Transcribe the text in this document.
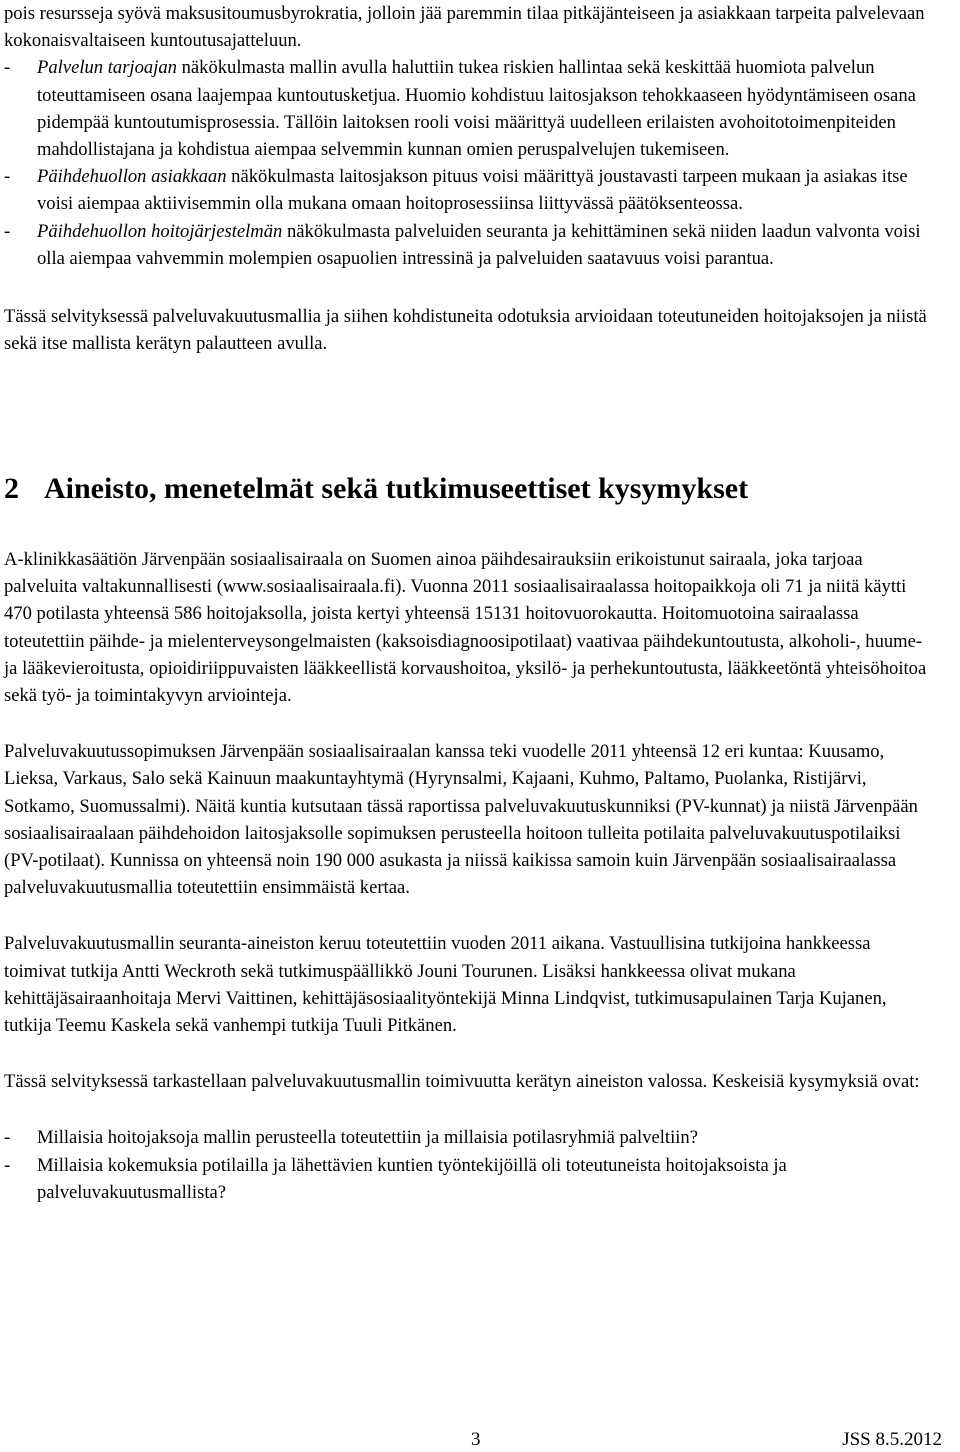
pois resursseja syövä maksusitoumusbyrokratia, jolloin jää paremmin tilaa pitkäjänteiseen ja asiakkaan tarpeita palvelevaan kokonaisvaltaiseen kuntoutusajatteluun.

- Palvelun tarjoajan näkökulmasta mallin avulla haluttiin tukea riskien hallintaa sekä keskittää huomiota palvelun toteuttamiseen osana laajempaa kuntoutusketjua. Huomio kohdistuu laitosjakson tehokkaaseen hyödyntämiseen osana pidempää kuntoutumisprosessia. Tällöin laitoksen rooli voisi määrittyä uudelleen erilaisten avohoitotoimenpiteiden mahdollistajana ja kohdistua aiempaa selvemmin kunnan omien peruspalvelujen tukemiseen.

- Päihdehuollon asiakkaan näkökulmasta laitosjakson pituus voisi määrittyä joustavasti tarpeen mukaan ja asiakas itse voisi aiempaa aktiivisemmin olla mukana omaan hoitoprosessiinsa liittyvässä päätöksenteossa.

- Päihdehuollon hoitojärjestelmän näkökulmasta palveluiden seuranta ja kehittäminen sekä niiden laadun valvonta voisi olla aiempaa vahvemmin molempien osapuolien intressinä ja palveluiden saatavuus voisi parantua.

Tässä selvityksessä palveluvakuutusmallia ja siihen kohdistuneita odotuksia arvioidaan toteutuneiden hoitojaksojen ja niistä sekä itse mallista kerätyn palautteen avulla.

2 Aineisto, menetelmät sekä tutkimuseettiset kysymykset

A-klinikkasäätiön Järvenpään sosiaalisairaala on Suomen ainoa päihdesairauksiin erikoistunut sairaala, joka tarjoaa palveluita valtakunnallisesti (www.sosiaalisairaala.fi). Vuonna 2011 sosiaalisairaalassa hoitopaikkoja oli 71 ja niitä käytti 470 potilasta yhteensä 586 hoitojaksolla, joista kertyi yhteensä 15131 hoitovuorokautta. Hoitomuotoina sairaalassa toteutettiin päihde- ja mielenterveysongelmaisten (kaksoisdiagnoosipotilaat) vaativaa päihdekuntoutusta, alkoholi-, huume- ja lääkevieroitusta, opioidiriippuvaisten lääkkeellistä korvaushoitoa, yksilö- ja perhekuntoutusta, lääkkeetöntä yhteisöhoitoa sekä työ- ja toimintakyvyn arviointeja.

Palveluvakuutussopimuksen Järvenpään sosiaalisairaalan kanssa teki vuodelle 2011 yhteensä 12 eri kuntaa: Kuusamo, Lieksa, Varkaus, Salo sekä Kainuun maakuntayhtymä (Hyrynsalmi, Kajaani, Kuhmo, Paltamo, Puolanka, Ristijärvi, Sotkamo, Suomussalmi). Näitä kuntia kutsutaan tässä raportissa palveluvakuutuskunniksi (PV-kunnat) ja niistä Järvenpään sosiaalisairaalaan päihdehoidon laitosjaksolle sopimuksen perusteella hoitoon tulleita potilaita palveluvakuutuspotilaiksi (PV-potilaat). Kunnissa on yhteensä noin 190 000 asukasta ja niissä kaikissa samoin kuin Järvenpään sosiaalisairaalassa palveluvakuutusmallia toteutettiin ensimmäistä kertaa.

Palveluvakuutusmallin seuranta-aineiston keruu toteutettiin vuoden 2011 aikana. Vastuullisina tutkijoina hankkeessa toimivat tutkija Antti Weckroth sekä tutkimuspäällikkö Jouni Tourunen. Lisäksi hankkeessa olivat mukana kehittäjäsairaanhoitaja Mervi Vaittinen, kehittäjäsosiaalityöntekijä Minna Lindqvist, tutkimusapulainen Tarja Kujanen, tutkija Teemu Kaskela sekä vanhempi tutkija Tuuli Pitkänen.

Tässä selvityksessä tarkastellaan palveluvakuutusmallin toimivuutta kerätyn aineiston valossa. Keskeisiä kysymyksiä ovat:

- Millaisia hoitojaksoja mallin perusteella toteutettiin ja millaisia potilasryhmiä palveltiin?

- Millaisia kokemuksia potilailla ja lähettävien kuntien työntekijöillä oli toteutuneista hoitojaksoista ja palveluvakuutusmallista?

3	JSS 8.5.2012
